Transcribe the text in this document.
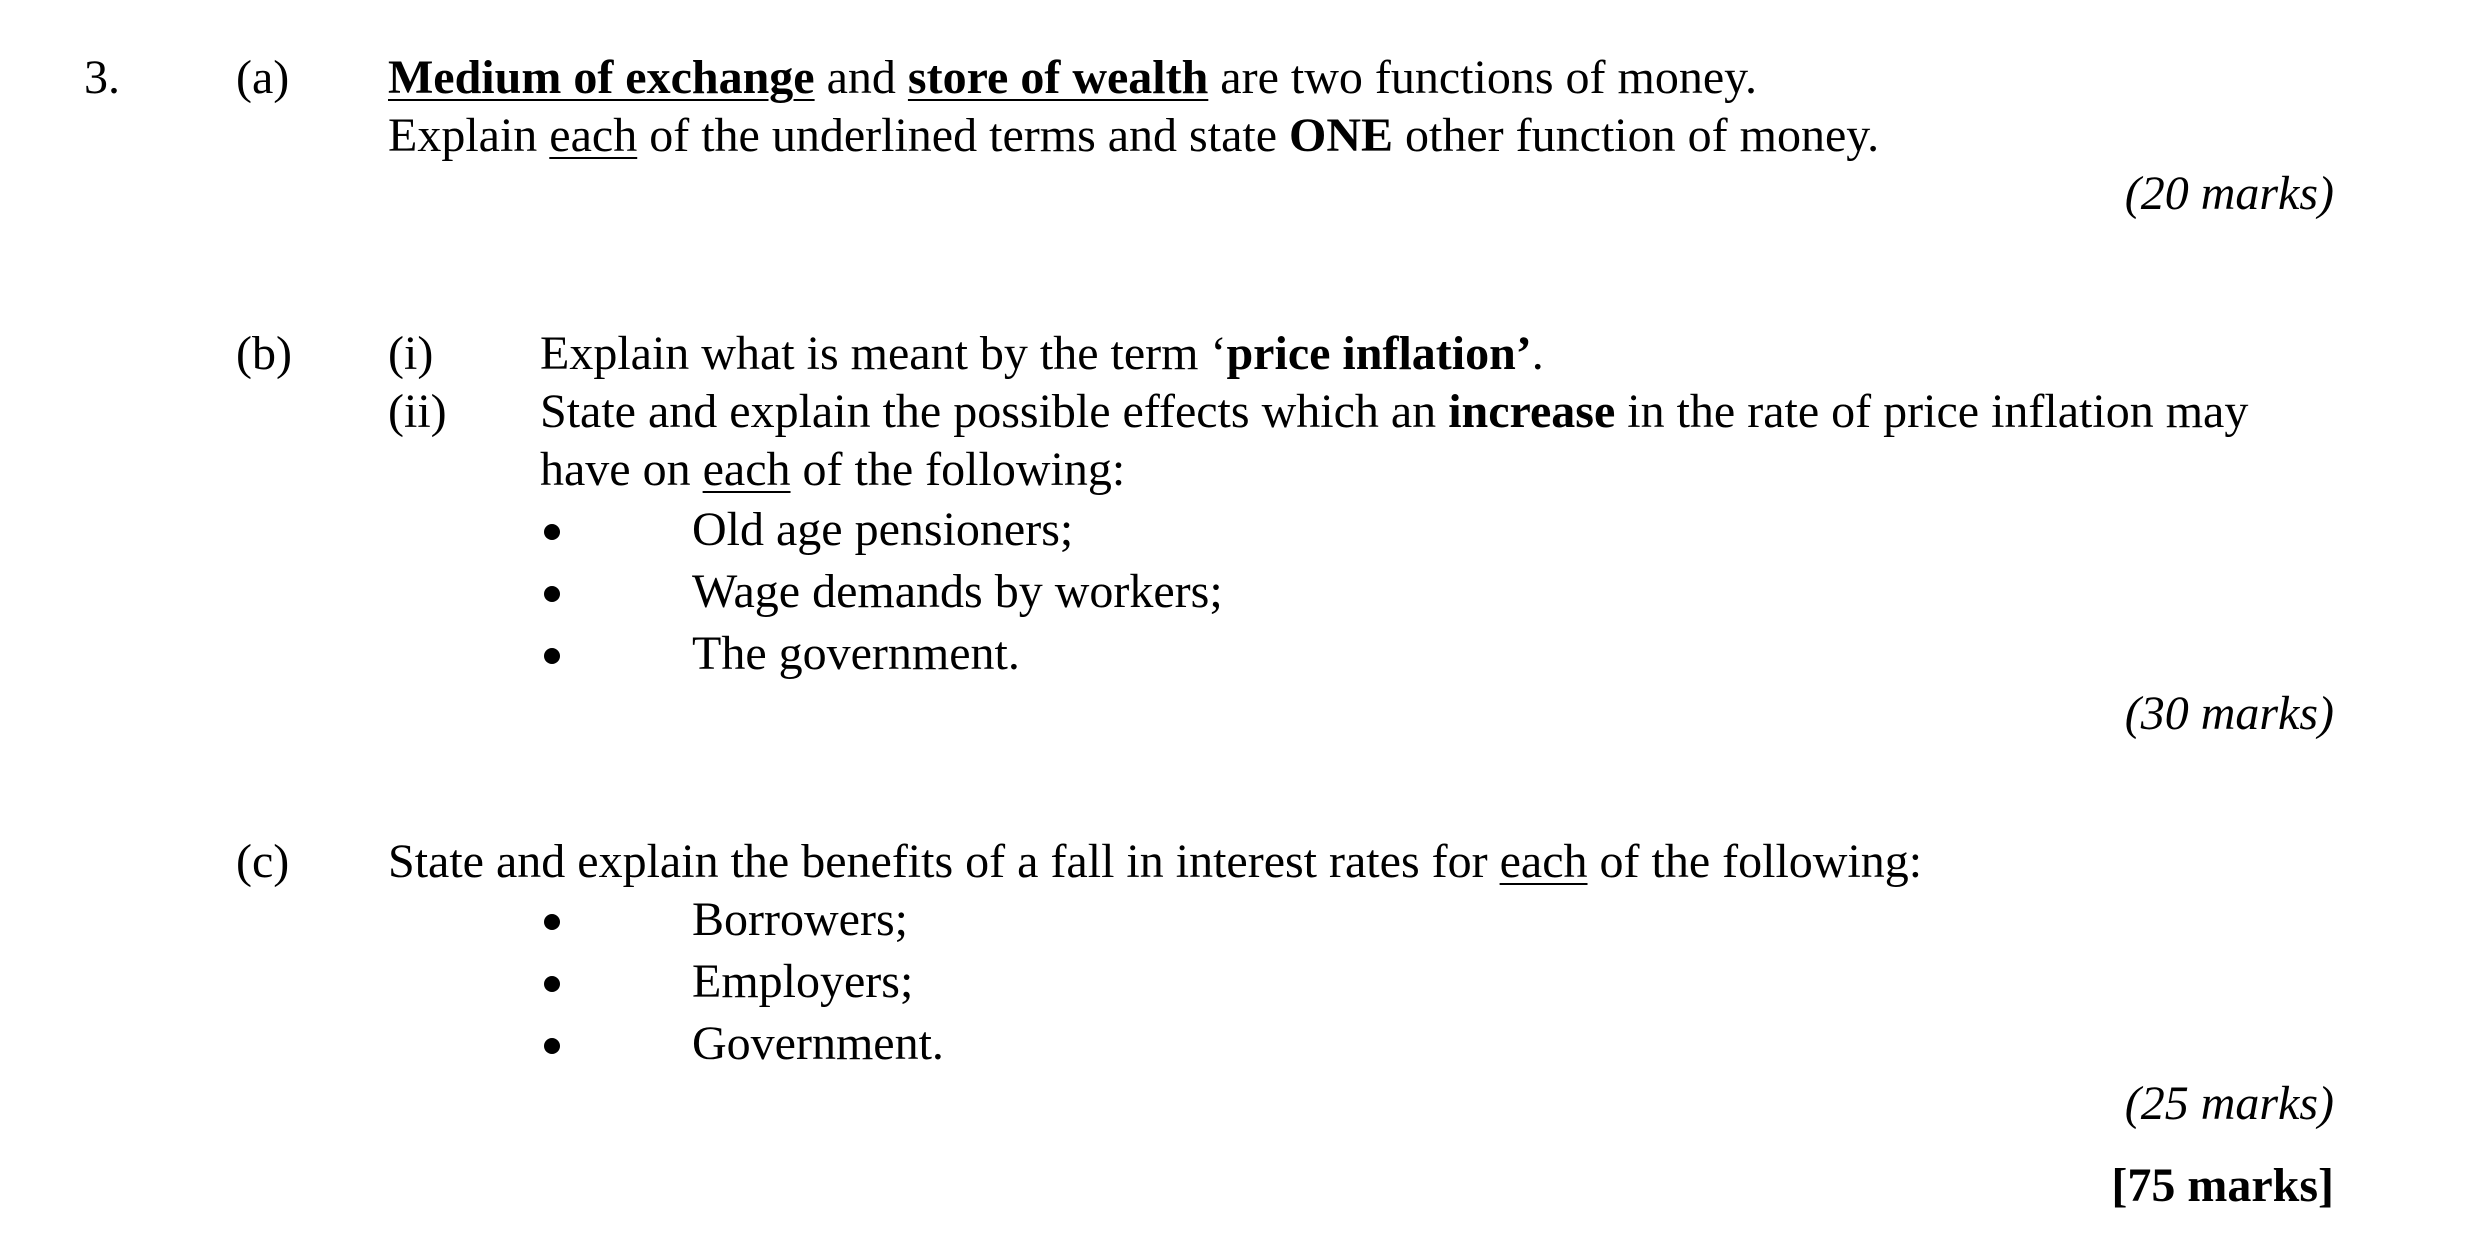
3. (a) Medium of exchange and store of wealth are two functions of money.
Explain each of the underlined terms and state ONE other function of money.
(20 marks)
(b) (i) Explain what is meant by the term ‘price inflation’.
(ii) State and explain the possible effects which an increase in the rate of price inflation may
have on each of the following:
Old age pensioners;
Wage demands by workers;
The government.
(30 marks)
(c) State and explain the benefits of a fall in interest rates for each of the following:
Borrowers;
Employers;
Government.
(25 marks)
[75 marks]
